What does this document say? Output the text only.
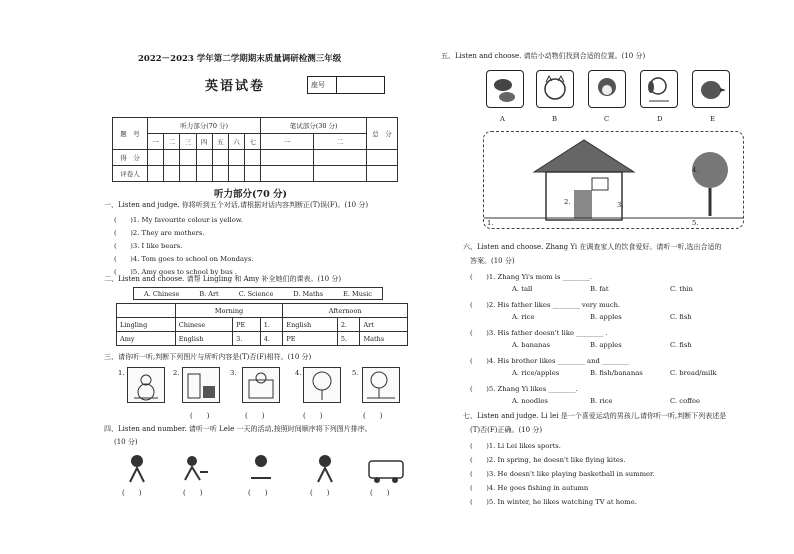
2022－2023 学年第二学期期末质量调研检测三年级
英语试卷	座号
题　号	听力部分(70 分)							笔试部分(30 分)		总　分
	一	二	三	四	五	六	七	一	二	
得　分										
评卷人										
听力部分(70 分)
一、Listen and judge. 你将听到五个对话,请根据对话内容判断正(T)误(F)。(10 分)
(　　)1. My favourite colour is yellow.
(　　)2. They are mothers.
(　　)3. I like bears.
(　　)4. Tom goes to school on Mondays.
(　　)5. Amy goes to school by bus .
二、Listen and choose. 请帮 Lingling 和 Amy 补全她们的课表。(10 分)
A. Chinese	B. Art	C. Science	D. Maths	E. Music
	Morning			Afternoon		
Lingling	Chinese	PE	1.	English	2.	Art
Amy	English	3.	4.	PE	5.	Maths
三、请你听一听,判断下列图片与所听内容是(T)否(F)相符。(10 分)
1.	2.	3.	4.	5.
(　　)	(　　)	(　　)	(　　)
四、Listen and number. 请听一听 Lele 一天的活动,按照时间顺序将下列图片排序。
(10 分)
(　　)	(　　)	(　　)	(　　)	(　　)
五、Listen and choose. 请给小动物们找到合适的位置。(10 分)
A	B	C	D	E
1.
2.	3.
4.
5.
六、Listen and choose. Zhang Yi 在调查家人的饮食爱好。请听一听,选出合适的
答案。(10 分)
(　　)1. Zhang Yi's mom is ________.
A. tall	B. fat	C. thin
(　　)2. His father likes ________ very much.
A. rice	B. apples	C. fish
(　　)3. His father doesn't like ________ .
A. bananas	B. apples	C. fish
(　　)4. His brother likes ________ and ________
A. rice/apples	B. fish/bananas	C. bread/milk
(　　)5. Zhang Yi likes ________.
A. noodles	B. rice	C. coffee
七、Listen and judge. Li lei 是一个喜爱运动的男孩儿,请你听一听,判断下列表述是
(T)否(F)正确。(10 分)
(　　)1. Li Lei likes sports.
(　　)2. In spring, he doesn't like flying kites.
(　　)3. He doesn't like playing basketball in summer.
(　　)4. He goes fishing in autumn
(　　)5. In winter, he likes watching TV at home.
